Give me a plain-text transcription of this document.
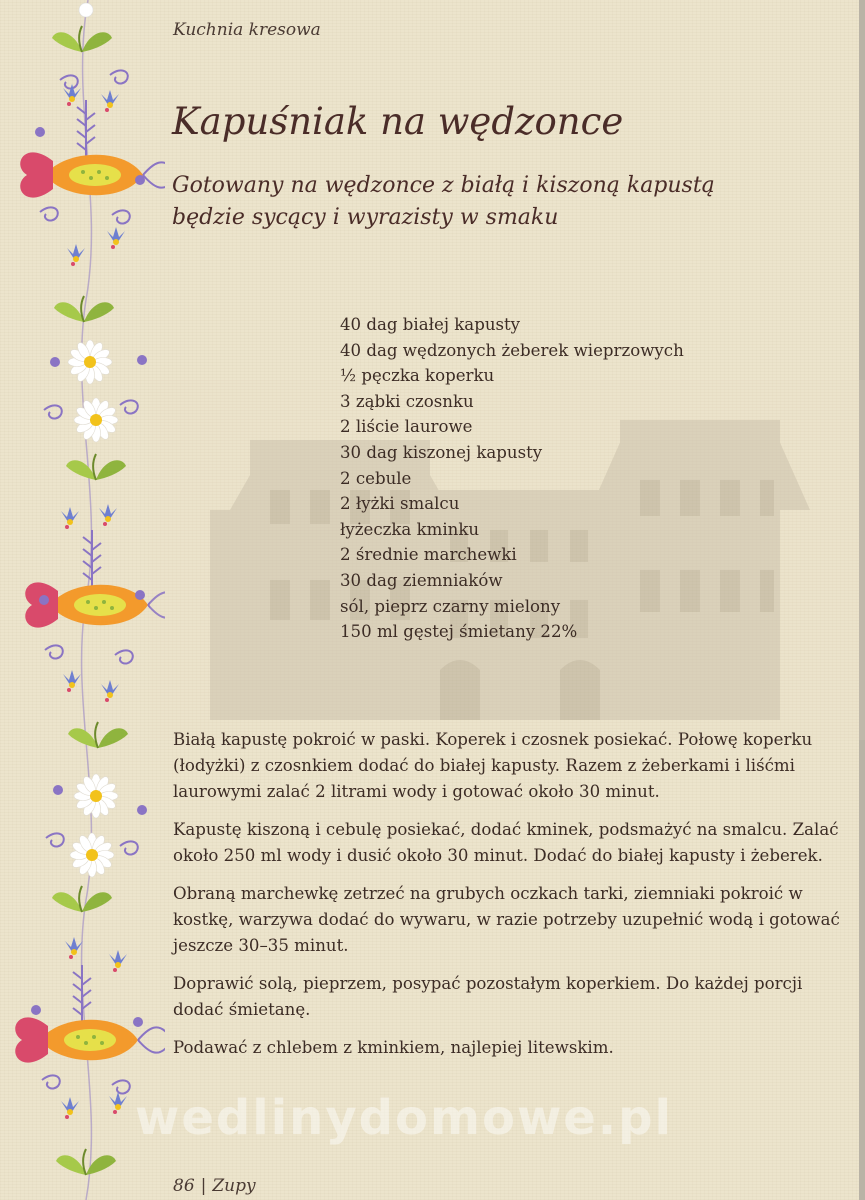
Kuchnia kresowa
Kapuśniak na wędzonce
Gotowany na wędzonce z białą i kiszoną kapustą
będzie sycący i wyrazisty w smaku
40 dag białej kapusty
40 dag wędzonych żeberek wieprzowych
½ pęczka koperku
3 ząbki czosnku
2 liście laurowe
30 dag kiszonej kapusty
2 cebule
2 łyżki smalcu
łyżeczka kminku
2 średnie marchewki
30 dag ziemniaków
sól, pieprz czarny mielony
150 ml gęstej śmietany 22%

Białą kapustę pokroić w paski. Koperek i czosnek posiekać. Połowę koperku (łodyżki) z czosnkiem dodać do białej kapusty. Razem z żeberkami i liśćmi laurowymi zalać 2 litrami wody i gotować około 30 minut.

Kapustę kiszoną i cebulę posiekać, dodać kminek, podsmażyć na smalcu. Zalać około 250 ml wody i dusić około 30 minut. Dodać do białej kapusty i żeberek.

Obraną marchewkę zetrzeć na grubych oczkach tarki, ziemniaki pokroić w kostkę, warzywa dodać do wywaru, w razie potrzeby uzupełnić wodą i gotować jeszcze 30–35 minut.

Doprawić solą, pieprzem, posypać pozostałym koperkiem. Do każdej porcji dodać śmietanę.

Podawać z chlebem z kminkiem, najlepiej litewskim.

wedlinydomowe.pl
86 | Zupy
